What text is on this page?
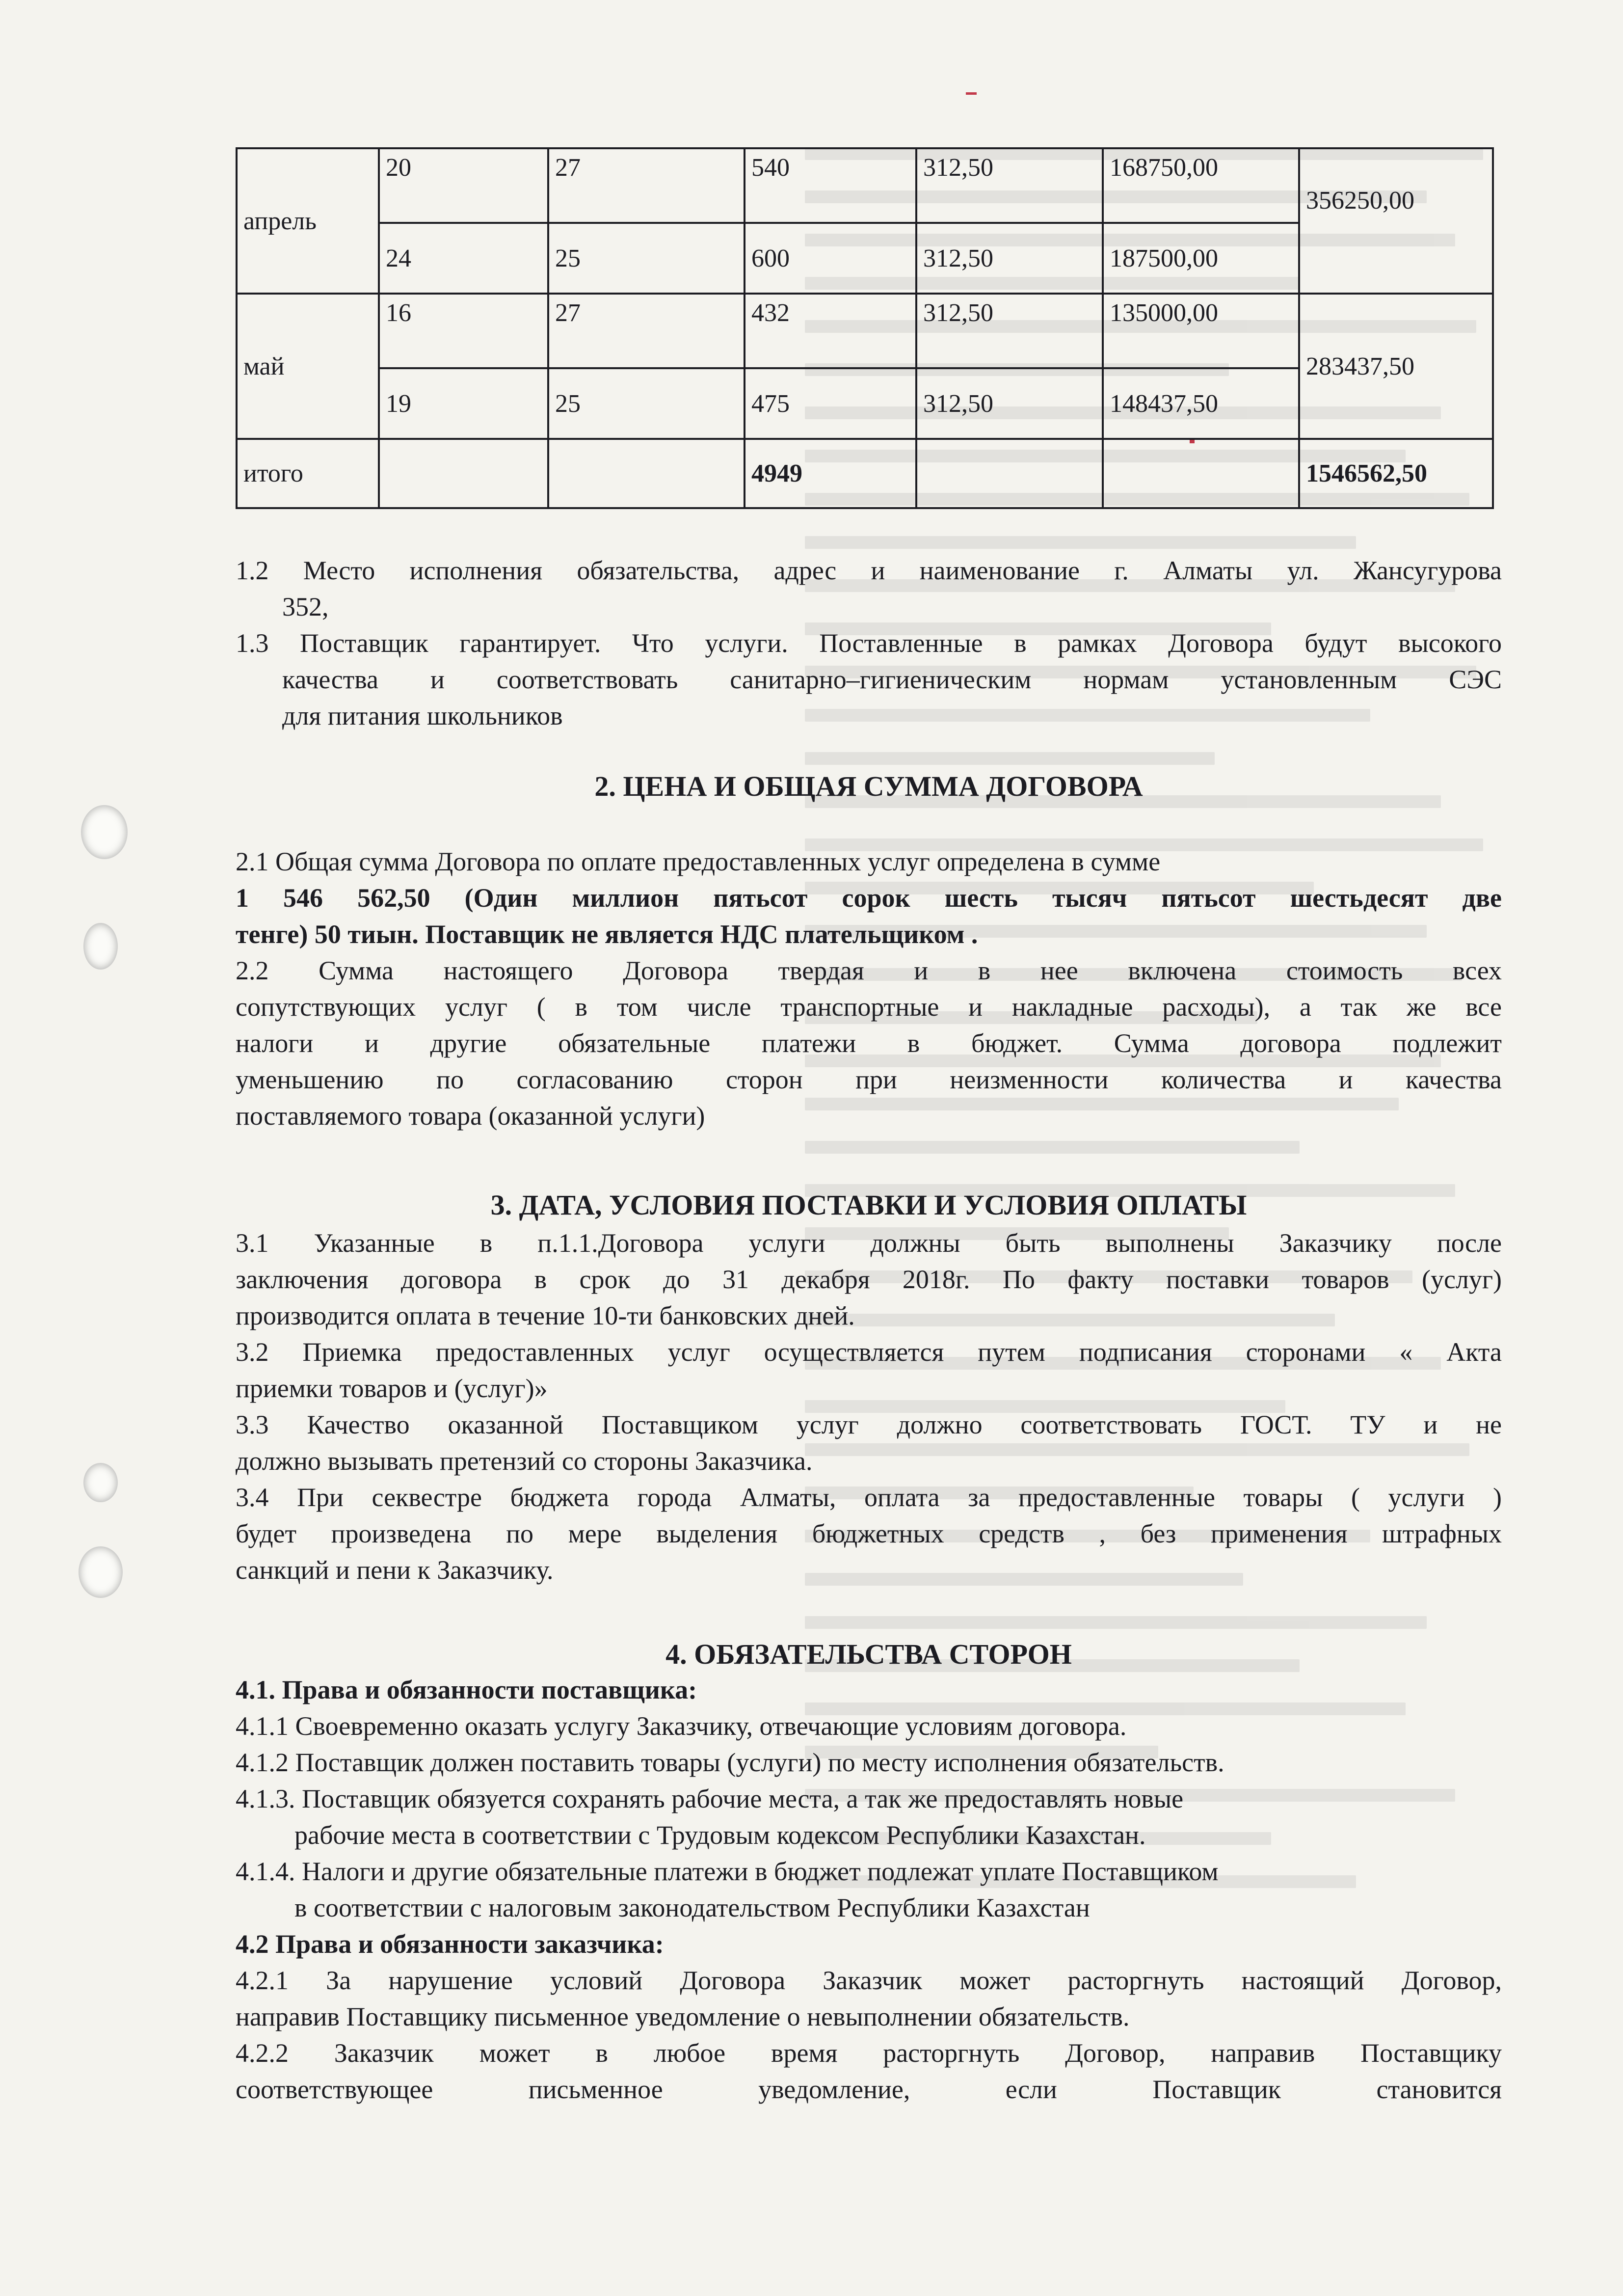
апрель	20	27	540	312,50	168750,00	356250,00
	24	25	600	312,50	187500,00	
май	16	27	432	312,50	135000,00	283437,50
	19	25	475	312,50	148437,50	
итого			4949			1546562,50

1.2 Место исполнения обязательства, адрес и наименование г. Алматы ул. Жансугурова

352,

1.3 Поставщик гарантирует. Что услуги. Поставленные в рамках Договора будут высокого

качества и соответствовать санитарно–гигиеническим нормам установленным СЭС

для питания школьников

2. ЦЕНА И ОБЩАЯ СУММА ДОГОВОРА

2.1 Общая сумма Договора по оплате предоставленных услуг определена в сумме

1 546 562,50 (Один миллион пятьсот сорок шесть тысяч пятьсот шестьдесят две

тенге) 50 тиын. Поставщик не является НДС плательщиком .

2.2 Сумма настоящего Договора твердая и в нее включена стоимость всех

сопутствующих услуг ( в том числе транспортные и накладные расходы), а так же все

налоги и другие обязательные платежи в бюджет. Сумма договора подлежит

уменьшению по согласованию сторон при неизменности количества и качества

поставляемого товара (оказанной услуги)

3. ДАТА, УСЛОВИЯ ПОСТАВКИ И УСЛОВИЯ ОПЛАТЫ

3.1 Указанные в п.1.1.Договора услуги должны быть выполнены Заказчику после

заключения договора в срок до 31 декабря 2018г. По факту поставки товаров (услуг)

производится оплата в течение 10-ти банковских дней.

3.2 Приемка предоставленных услуг осуществляется путем подписания сторонами « Акта

приемки товаров и (услуг)»

3.3 Качество оказанной Поставщиком услуг должно соответствовать ГОСТ. ТУ и не

должно вызывать претензий со стороны Заказчика.

3.4 При секвестре бюджета города Алматы, оплата за предоставленные товары ( услуги )

будет произведена по мере выделения бюджетных средств , без применения штрафных

санкций и пени к Заказчику.

4. ОБЯЗАТЕЛЬСТВА СТОРОН

4.1. Права и обязанности поставщика:

4.1.1 Своевременно оказать услугу Заказчику, отвечающие условиям договора.

4.1.2 Поставщик должен поставить товары (услуги) по месту исполнения обязательств.

4.1.3. Поставщик обязуется сохранять рабочие места, а так же предоставлять новые

рабочие места в соответствии с Трудовым кодексом Республики Казахстан.

4.1.4. Налоги и другие обязательные платежи в бюджет подлежат уплате Поставщиком

в соответствии с налоговым законодательством Республики Казахстан

4.2 Права и обязанности заказчика:

4.2.1 За нарушение условий Договора Заказчик может расторгнуть настоящий Договор,

направив Поставщику письменное уведомление о невыполнении обязательств.

4.2.2 Заказчик может в любое время расторгнуть Договор, направив Поставщику

соответствующее письменное уведомление, если Поставщик становится
